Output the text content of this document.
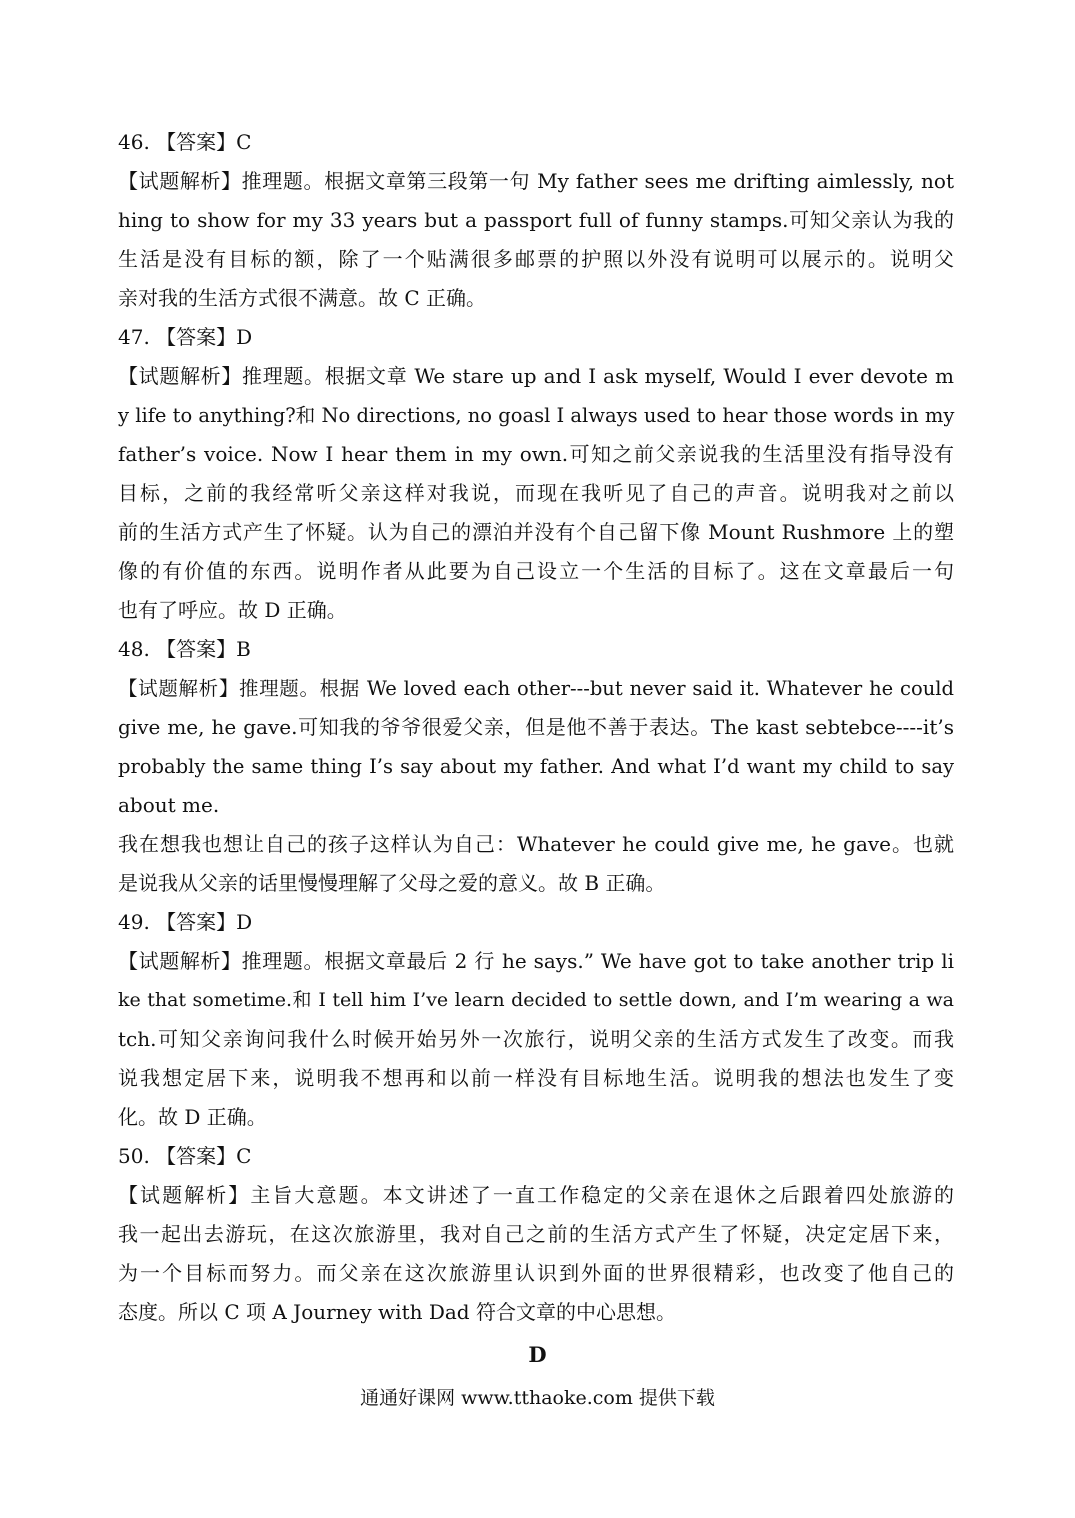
46. 【答案】C
【试题解析】推理题。根据文章第三段第一句 My father sees me drifting aimlessly, not
hing to show for my 33 years but a passport full of funny stamps.可知父亲认为我的
生活是没有目标的额，除了一个贴满很多邮票的护照以外没有说明可以展示的。说明父
亲对我的生活方式很不满意。故 C 正确。
47. 【答案】D
【试题解析】推理题。根据文章 We stare up and I ask myself, Would I ever devote m
y life to anything?和 No directions, no goasl I always used to hear those words in my
father’s voice. Now I hear them in my own.可知之前父亲说我的生活里没有指导没有
目标，之前的我经常听父亲这样对我说，而现在我听见了自己的声音。说明我对之前以
前的生活方式产生了怀疑。认为自己的漂泊并没有个自己留下像 Mount Rushmore 上的塑
像的有价值的东西。说明作者从此要为自己设立一个生活的目标了。这在文章最后一句
也有了呼应。故 D 正确。
48. 【答案】B
【试题解析】推理题。根据 We loved each other---but never said it. Whatever he could
give me, he gave.可知我的爷爷很爱父亲，但是他不善于表达。The kast sebtebce----it’s
probably the same thing I’s say about my father. And what I’d want my child to say
about me.
我在想我也想让自己的孩子这样认为自己：Whatever he could give me, he gave。也就
是说我从父亲的话里慢慢理解了父母之爱的意义。故 B 正确。
49. 【答案】D
【试题解析】推理题。根据文章最后 2 行 he says.” We have got to take another trip li
ke that sometime.和 I tell him I’ve learn decided to settle down, and I’m wearing a wa
tch.可知父亲询问我什么时候开始另外一次旅行，说明父亲的生活方式发生了改变。而我
说我想定居下来，说明我不想再和以前一样没有目标地生活。说明我的想法也发生了变
化。故 D 正确。
50. 【答案】C
【试题解析】主旨大意题。本文讲述了一直工作稳定的父亲在退休之后跟着四处旅游的
我一起出去游玩，在这次旅游里，我对自己之前的生活方式产生了怀疑，决定定居下来，
为一个目标而努力。而父亲在这次旅游里认识到外面的世界很精彩，也改变了他自己的
态度。所以 C 项 A Journey with Dad 符合文章的中心思想。
D
通通好课网 www.tthaoke.com 提供下载
